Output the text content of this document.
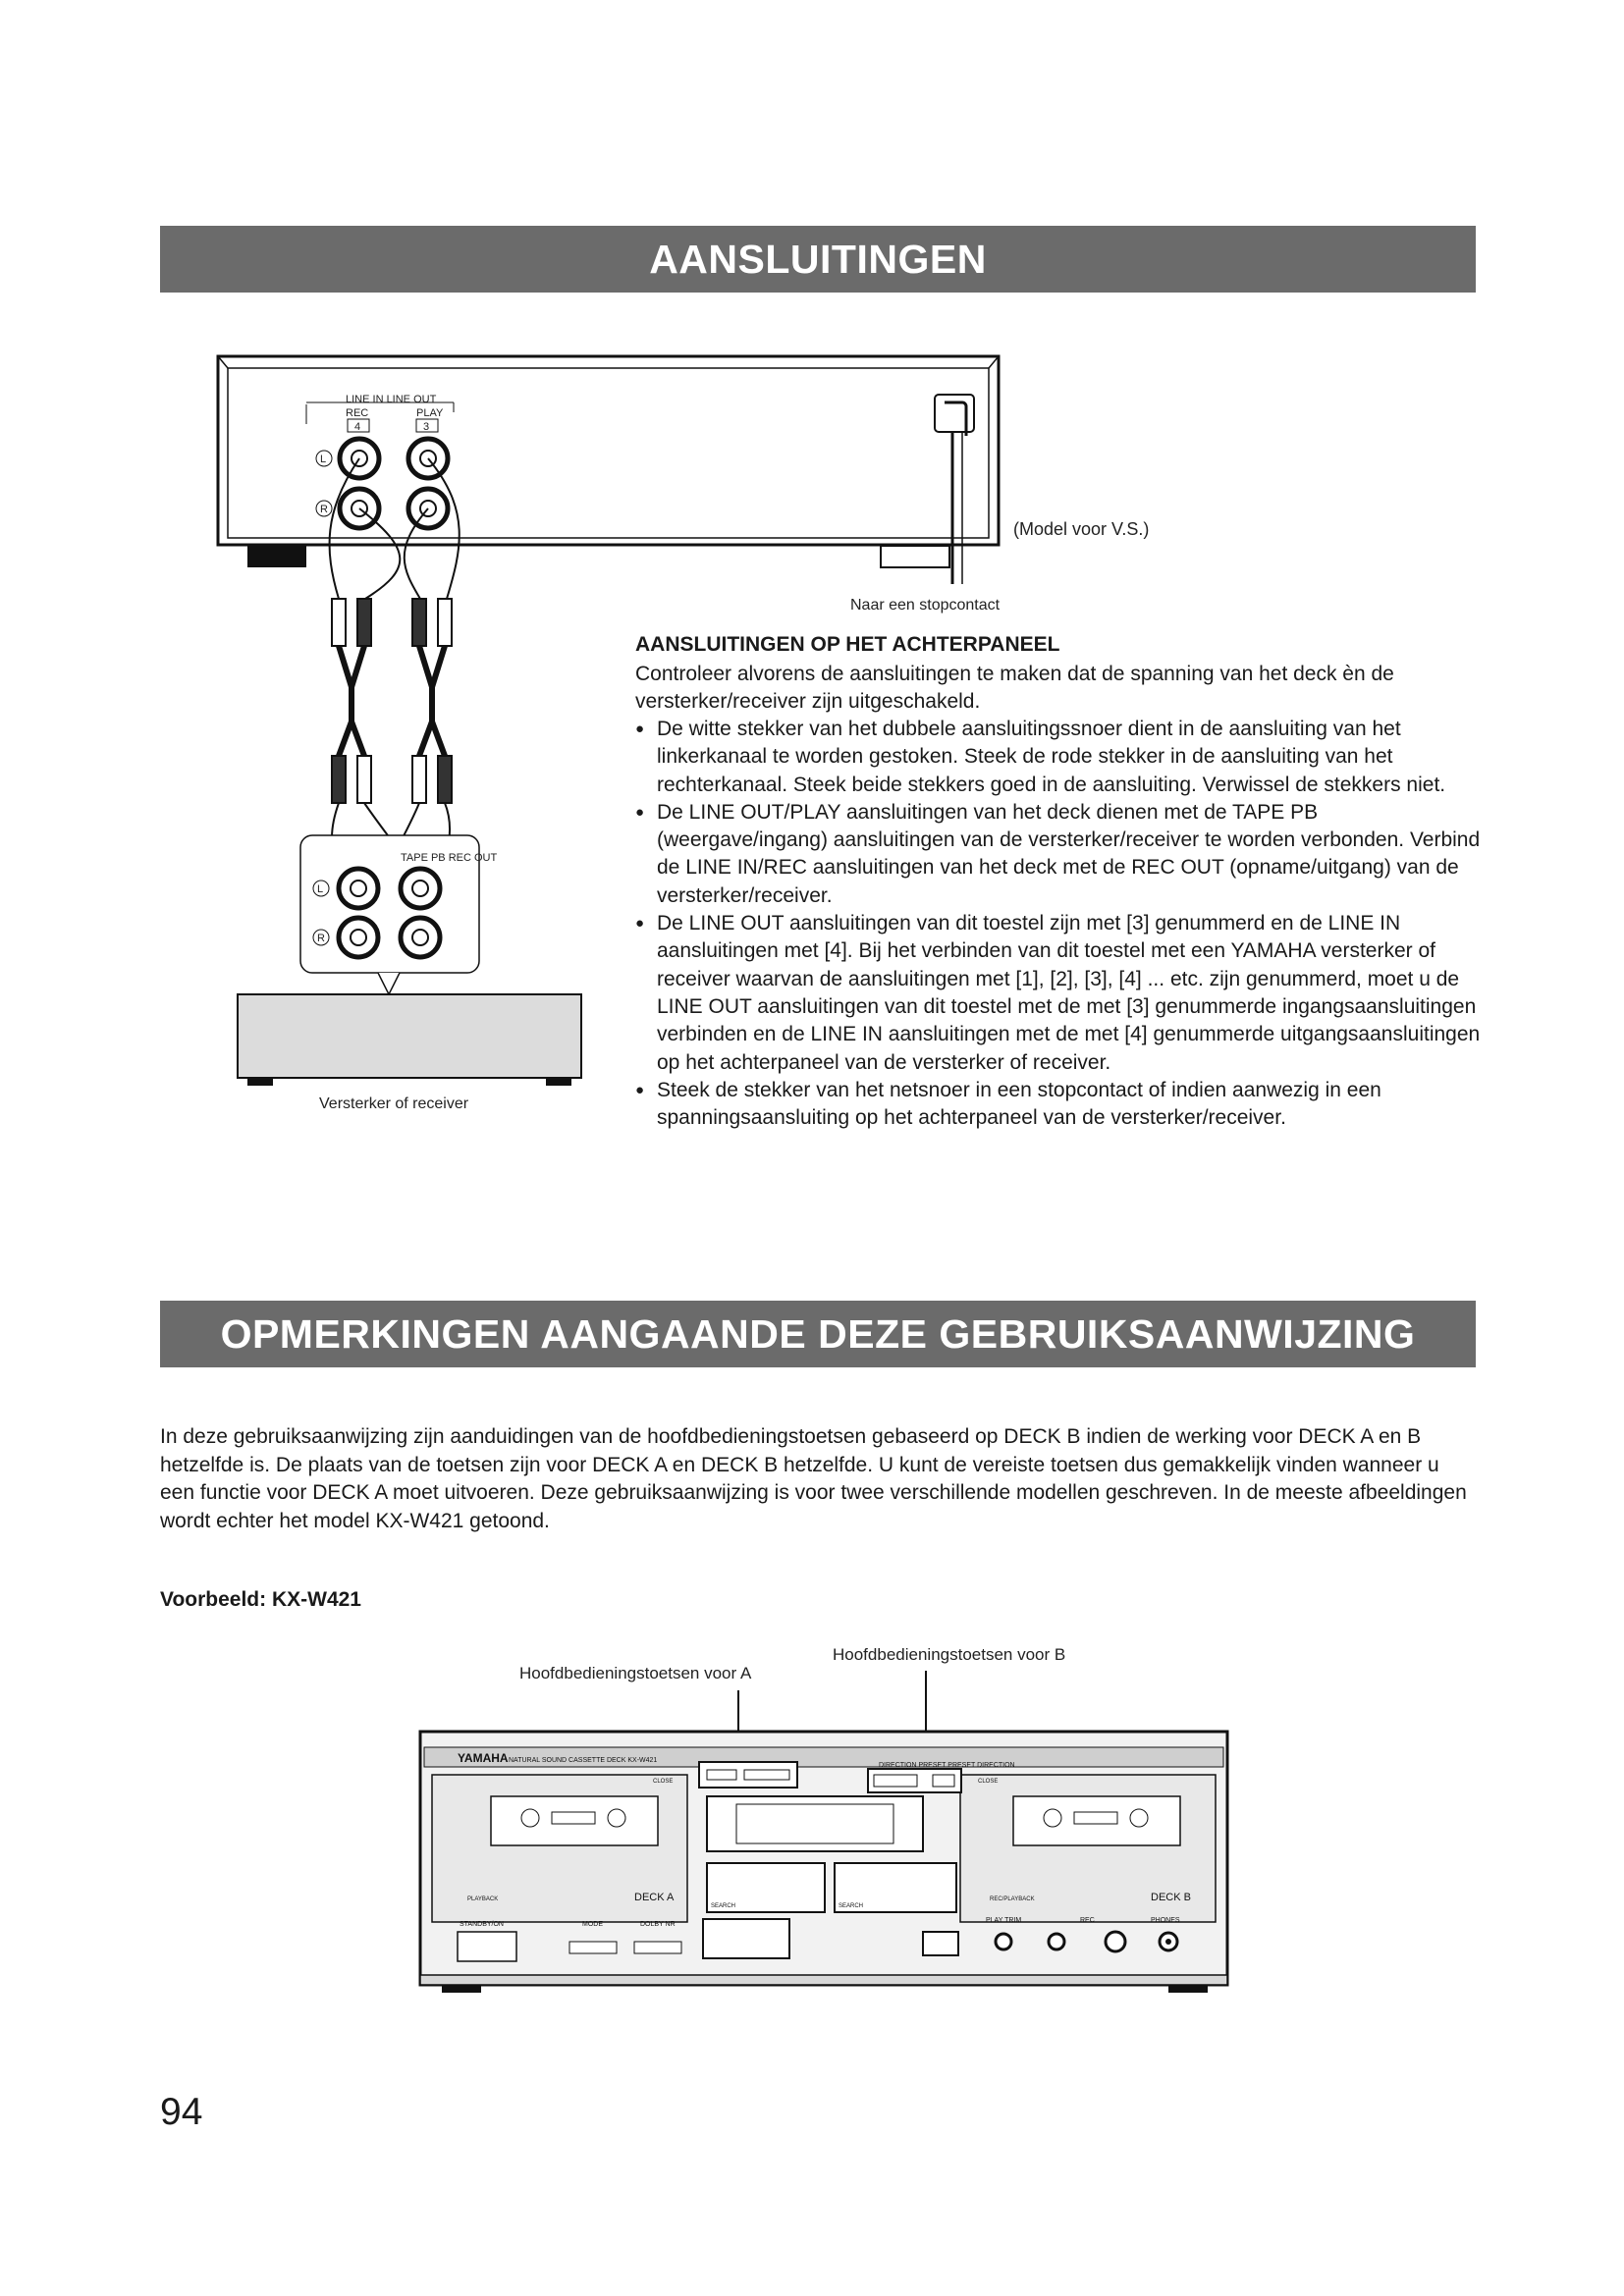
AANSLUITINGEN
LINE IN LINE OUT
REC	PLAY
4	3
L
R
TAPE PB REC OUT
L
R
(Model voor V.S.)
Naar een stopcontact
Versterker of receiver
AANSLUITINGEN OP HET ACHTERPANEEL
Controleer alvorens de aansluitingen te maken dat de spanning van het deck èn de versterker/receiver zijn uitgeschakeld.
● De witte stekker van het dubbele aansluitingssnoer dient in de aansluiting van het linkerkanaal te worden gestoken. Steek de rode stekker in de aansluiting van het rechterkanaal. Steek beide stekkers goed in de aansluiting. Verwissel de stekkers niet.
● De LINE OUT/PLAY aansluitingen van het deck dienen met de TAPE PB (weergave/ingang) aansluitingen van de versterker/receiver te worden verbonden. Verbind de LINE IN/REC aansluitingen van het deck met de REC OUT (opname/uitgang) van de versterker/receiver.
● De LINE OUT aansluitingen van dit toestel zijn met [3] genummerd en de LINE IN aansluitingen met [4]. Bij het verbinden van dit toestel met een YAMAHA versterker of receiver waarvan de aansluitingen met [1], [2], [3], [4] ... etc. zijn genummerd, moet u de LINE OUT aansluitingen van dit toestel met de met [3] genummerde ingangsaansluitingen verbinden en de LINE IN aansluitingen met de met [4] genummerde uitgangsaansluitingen op het achterpaneel van de versterker of receiver.
● Steek de stekker van het netsnoer in een stopcontact of indien aanwezig in een spanningsaansluiting op het achterpaneel van de versterker/receiver.
OPMERKINGEN AANGAANDE DEZE GEBRUIKSAANWIJZING
In deze gebruiksaanwijzing zijn aanduidingen van de hoofdbedieningstoetsen gebaseerd op DECK B indien de werking voor DECK A en B hetzelfde is. De plaats van de toetsen zijn voor DECK A en DECK B hetzelfde. U kunt de vereiste toetsen dus gemakkelijk vinden wanneer u een functie voor DECK A moet uitvoeren. Deze gebruiksaanwijzing is voor twee verschillende modellen geschreven. In de meeste afbeeldingen wordt echter het model KX-W421 getoond.
Voorbeeld: KX-W421
Hoofdbedieningstoetsen voor A
Hoofdbedieningstoetsen voor B
YAMAHA NATURAL SOUND CASSETTE DECK KX-W421
DECK A	DECK B
PLAYBACK	REC/PLAYBACK
DIRECTION PRESET PRESET DIRECTION
CLOSE	CLOSE
SEARCH	SEARCH
STANDBY/ON	MODE	DOLBY NR
PLAY TRIM	REC	PHONES
94
